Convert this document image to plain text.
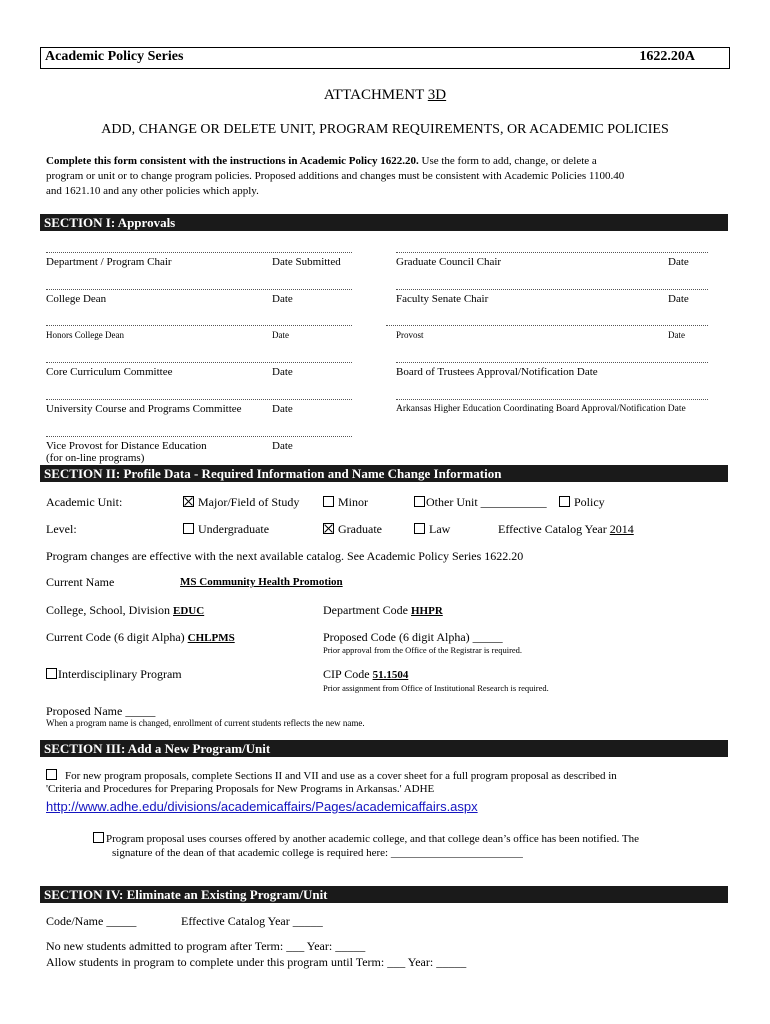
Academic Policy Series	1622.20A
ATTACHMENT 3D
ADD, CHANGE OR DELETE UNIT, PROGRAM REQUIREMENTS, OR ACADEMIC POLICIES
Complete this form consistent with the instructions in Academic Policy 1622.20. Use the form to add, change, or delete a
program or unit or to change program policies. Proposed additions and changes must be consistent with Academic Policies 1100.40
and 1621.10 and any other policies which apply.
SECTION I: Approvals
Department / Program Chair	Date Submitted	Graduate Council Chair	Date
College Dean	Date	Faculty Senate Chair	Date
Honors College Dean	Date	Provost	Date
Core Curriculum Committee	Date	Board of Trustees Approval/Notification Date
University Course and Programs Committee	Date	Arkansas Higher Education Coordinating Board Approval/Notification Date
Vice Provost for Distance Education	Date
(for on-line programs)
SECTION II: Profile Data - Required Information and Name Change Information
Academic Unit:	Major/Field of Study	Minor	Other Unit ___________	Policy
Level:	Undergraduate	Graduate	Law	Effective Catalog Year 2014
Program changes are effective with the next available catalog. See Academic Policy Series 1622.20
Current Name	MS Community Health Promotion
College, School, Division EDUC	Department Code HHPR
Current Code (6 digit Alpha) CHLPMS	Proposed Code (6 digit Alpha) _____
Prior approval from the Office of the Registrar is required.
Interdisciplinary Program	CIP Code 51.1504
Prior assignment from Office of Institutional Research is required.
Proposed Name _____
When a program name is changed, enrollment of current students reflects the new name.
SECTION III: Add a New Program/Unit
For new program proposals, complete Sections II and VII and use as a cover sheet for a full program proposal as described in
'Criteria and Procedures for Preparing Proposals for New Programs in Arkansas.' ADHE
http://www.adhe.edu/divisions/academicaffairs/Pages/academicaffairs.aspx
Program proposal uses courses offered by another academic college, and that college dean’s office has been notified. The
signature of the dean of that academic college is required here: ________________________
SECTION IV: Eliminate an Existing Program/Unit
Code/Name _____	Effective Catalog Year _____
No new students admitted to program after Term: ___ Year: _____
Allow students in program to complete under this program until Term: ___ Year: _____
